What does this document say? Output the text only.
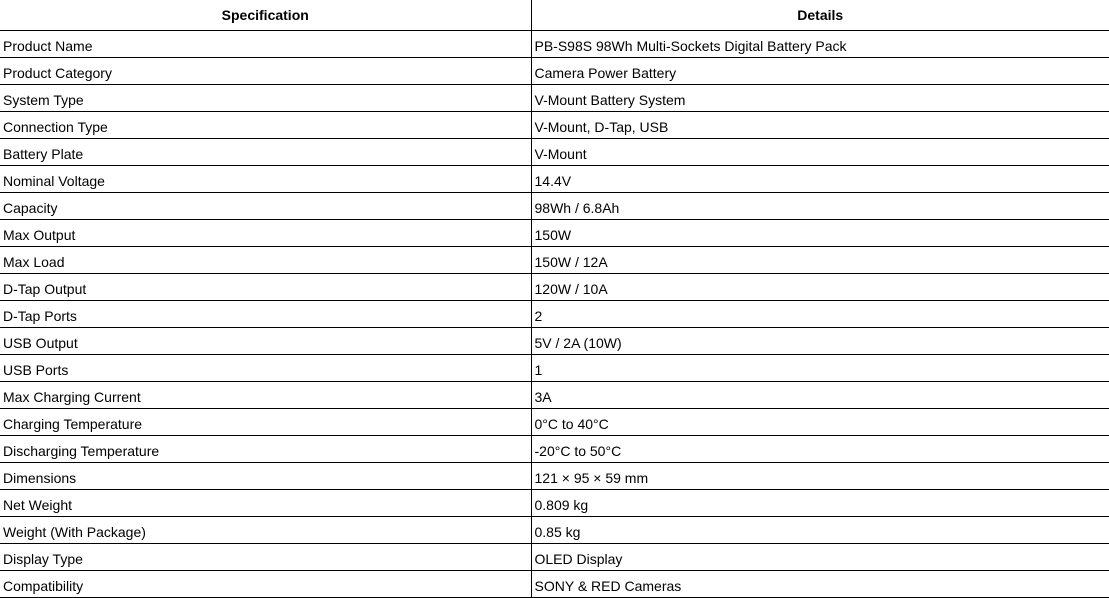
Specification	Details
Product Name	PB-S98S 98Wh Multi-Sockets Digital Battery Pack
Product Category	Camera Power Battery
System Type	V-Mount Battery System
Connection Type	V-Mount, D-Tap, USB
Battery Plate	V-Mount
Nominal Voltage	14.4V
Capacity	98Wh / 6.8Ah
Max Output	150W
Max Load	150W / 12A
D-Tap Output	120W / 10A
D-Tap Ports	2
USB Output	5V / 2A (10W)
USB Ports	1
Max Charging Current	3A
Charging Temperature	0°C to 40°C
Discharging Temperature	-20°C to 50°C
Dimensions	121 × 95 × 59 mm
Net Weight	0.809 kg
Weight (With Package)	0.85 kg
Display Type	OLED Display
Compatibility	SONY & RED Cameras
